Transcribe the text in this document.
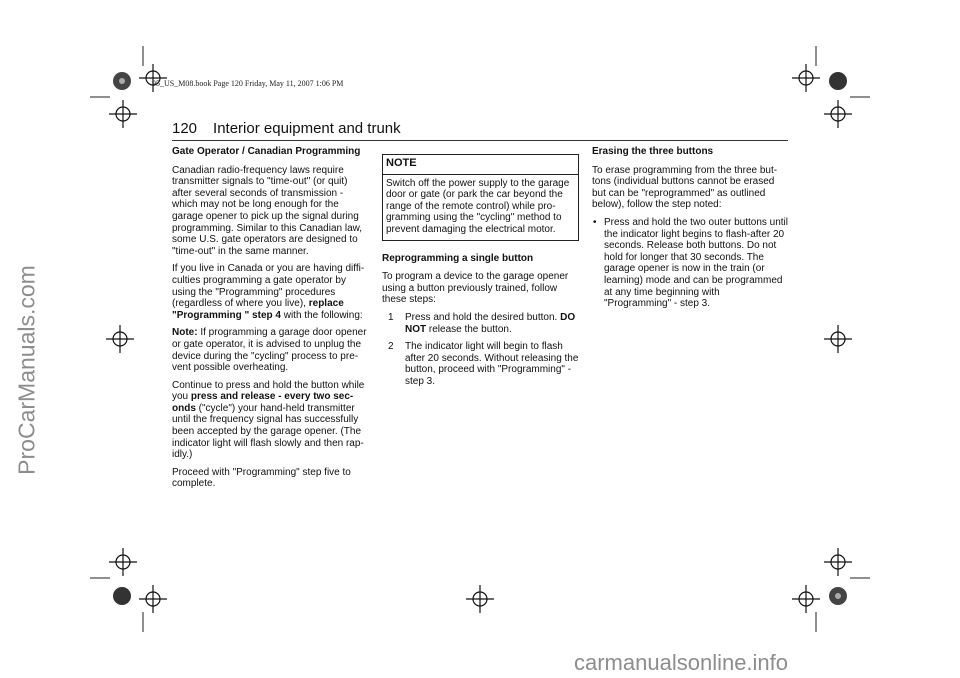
95_US_M08.book Page 120 Friday, May 11, 2007 1:06 PM
120 Interior equipment and trunk

Gate Operator / Canadian Programming

Canadian radio-frequency laws require transmitter signals to "time-out" (or quit) after several seconds of transmission - which may not be long enough for the garage opener to pick up the signal during programming. Similar to this Canadian law, some U.S. gate operators are designed to "time-out" in the same manner.

If you live in Canada or you are having diffi-culties programming a gate operator by using the "Programming" procedures (regardless of where you live), replace "Programming " step 4 with the following:

Note: If programming a garage door opener or gate operator, it is advised to unplug the device during the "cycling" process to pre-vent possible overheating.

Continue to press and hold the button while you press and release - every two sec-onds ("cycle") your hand-held transmitter until the frequency signal has successfully been accepted by the garage opener. (The indicator light will flash slowly and then rap-idly.)

Proceed with "Programming" step five to complete.

NOTE
Switch off the power supply to the garage door or gate (or park the car beyond the range of the remote control) while pro-gramming using the "cycling" method to prevent damaging the electrical motor.

Reprogramming a single button

To program a device to the garage opener using a button previously trained, follow these steps:

1	Press and hold the desired button. DO NOT release the button.
2	The indicator light will begin to flash after 20 seconds. Without releasing the button, proceed with "Programming" - step 3.

Erasing the three buttons

To erase programming from the three but-tons (individual buttons cannot be erased but can be "reprogrammed" as outlined below), follow the step noted:

• Press and hold the two outer buttons until the indicator light begins to flash-after 20 seconds. Release both buttons. Do not hold for longer that 30 seconds. The garage opener is now in the train (or learning) mode and can be programmed at any time beginning with "Programming" - step 3.
ProCarManuals.com
carmanualsonline.info
